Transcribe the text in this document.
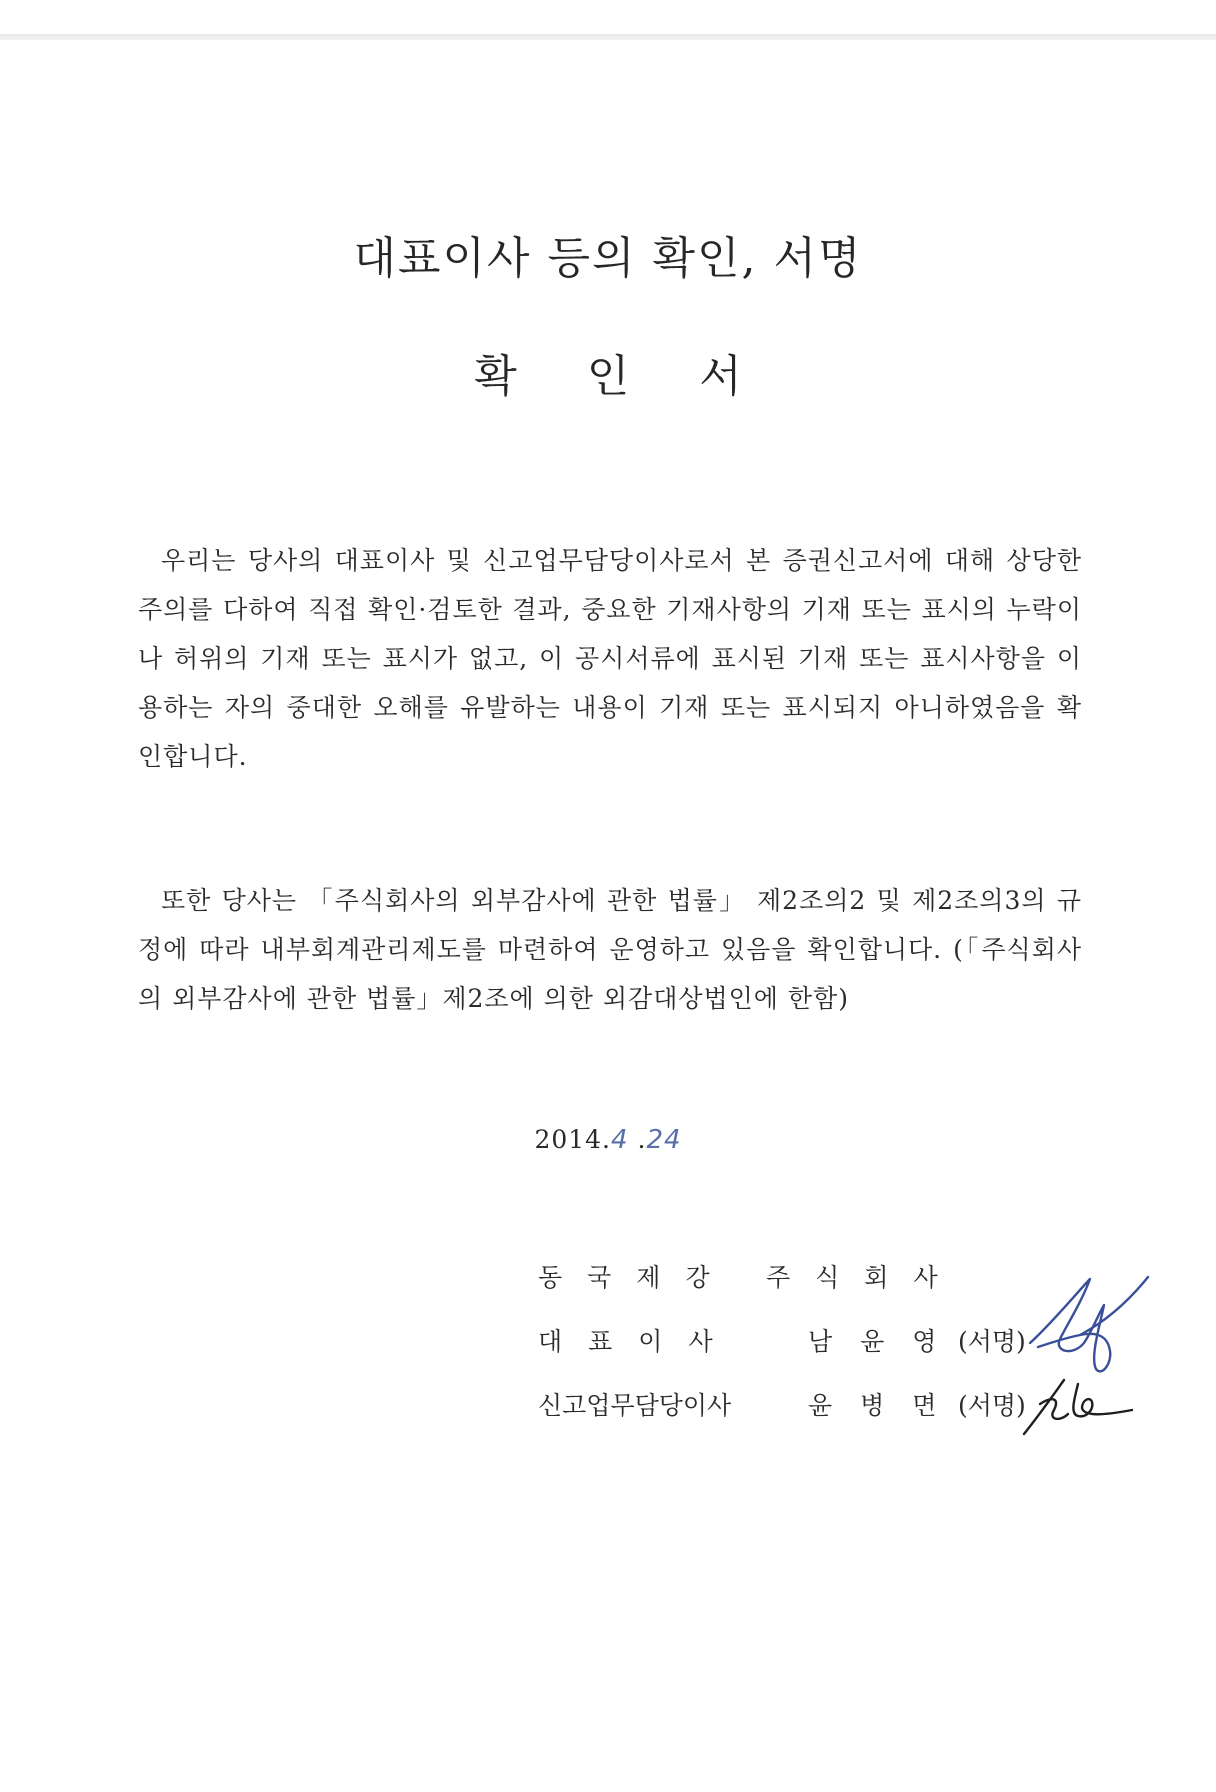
대표이사 등의 확인, 서명
확 인 서

우리는 당사의 대표이사 및 신고업무담당이사로서 본 증권신고서에 대해 상당한 주의를 다하여 직접 확인·검토한 결과, 중요한 기재사항의 기재 또는 표시의 누락이나 허위의 기재 또는 표시가 없고, 이 공시서류에 표시된 기재 또는 표시사항을 이용하는 자의 중대한 오해를 유발하는 내용이 기재 또는 표시되지 아니하였음을 확인합니다.

또한 당사는 「주식회사의 외부감사에 관한 법률」 제2조의2 및 제2조의3의 규정에 따라 내부회계관리제도를 마련하여 운영하고 있음을 확인합니다. (「주식회사의 외부감사에 관한 법률」제2조에 의한 외감대상법인에 한함)

2014.4 .24
동국제강 주식회사
대표이사	남윤영
(서명)
신고업무담당이사	윤병면
(서명)
